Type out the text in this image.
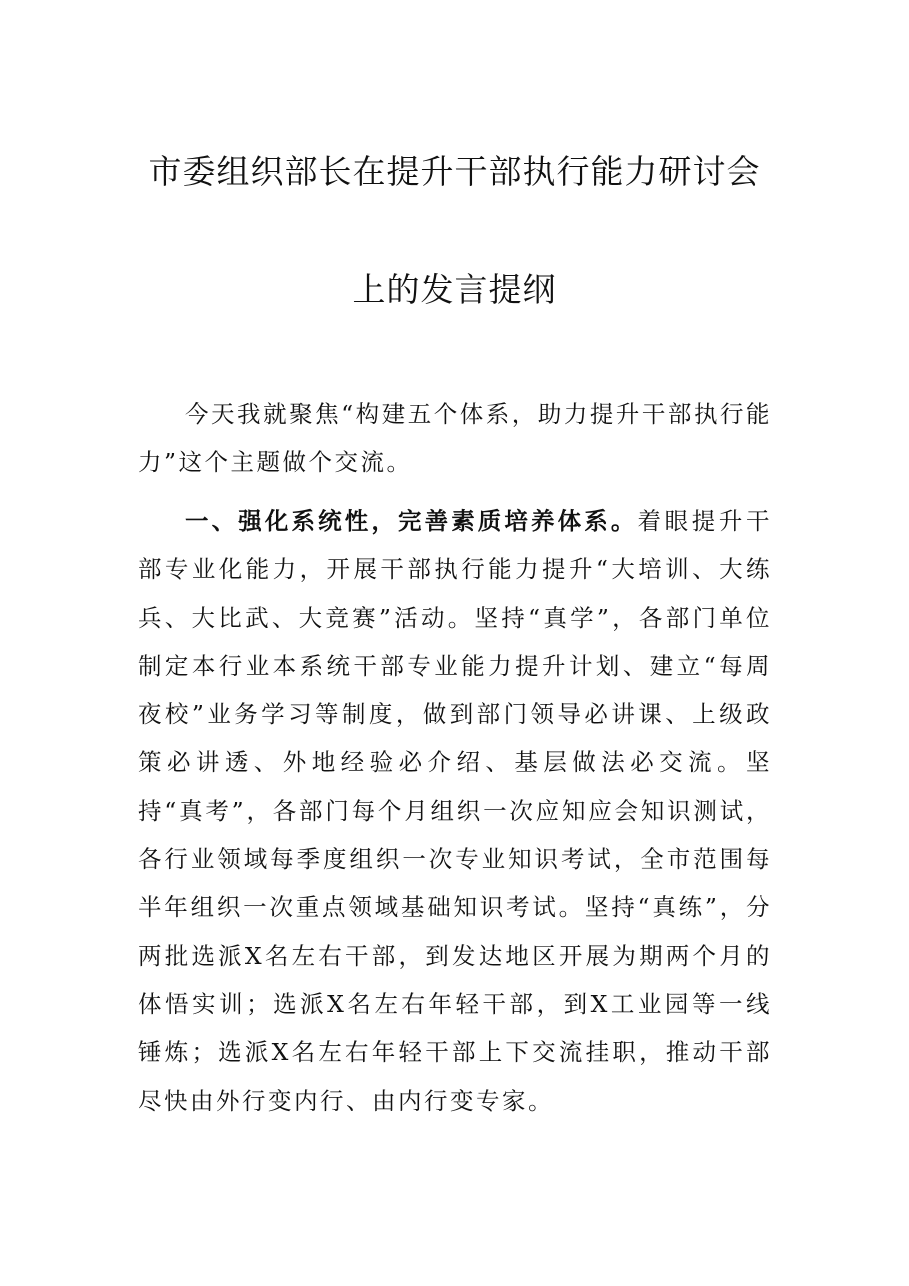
市委组织部长在提升干部执行能力研讨会
上的发言提纲

今天我就聚焦“构建五个体系，助力提升干部执行能力”这个主题做个交流。

一、强化系统性，完善素质培养体系。着眼提升干部专业化能力，开展干部执行能力提升“大培训、大练兵、大比武、大竞赛”活动。坚持“真学”，各部门单位制定本行业本系统干部专业能力提升计划、建立“每周夜校”业务学习等制度，做到部门领导必讲课、上级政策必讲透、外地经验必介绍、基层做法必交流。坚持“真考”，各部门每个月组织一次应知应会知识测试，各行业领域每季度组织一次专业知识考试，全市范围每半年组织一次重点领域基础知识考试。坚持“真练”，分两批选派X名左右干部，到发达地区开展为期两个月的体悟实训；选派X名左右年轻干部，到X工业园等一线锤炼；选派X名左右年轻干部上下交流挂职，推动干部尽快由外行变内行、由内行变专家。
